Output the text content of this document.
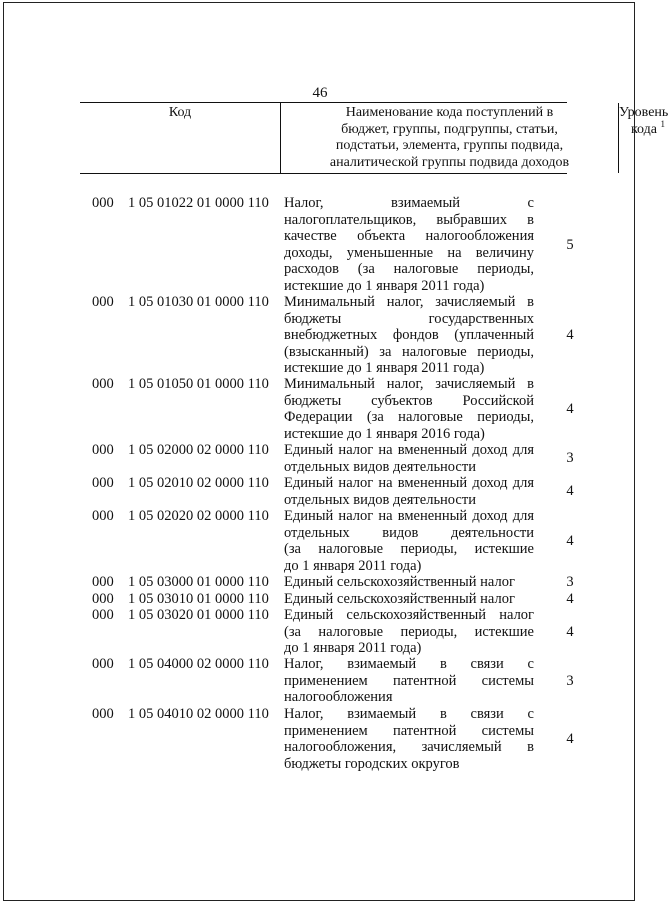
46
Код	Наименование кода поступлений в
бюджет, группы, подгруппы, статьи,
подстатьи, элемента, группы подвида,
аналитической группы подвида доходов
Уровень
кода $^1$
000 1 05 01022 01 0000 110 Налог, взимаемый с
налогоплательщиков, выбравших в
качестве объекта налогообложения
доходы, уменьшенные на величину
расходов (за налоговые периоды,
истекшие до 1 января 2011 года)
5
000 1 05 01030 01 0000 110 Минимальный налог, зачисляемый в
бюджеты государственных
внебюджетных фондов (уплаченный
(взысканный) за налоговые периоды,
истекшие до 1 января 2011 года)
4
000 1 05 01050 01 0000 110 Минимальный налог, зачисляемый в
бюджеты субъектов Российской
Федерации (за налоговые периоды,
истекшие до 1 января 2016 года)
4
000 1 05 02000 02 0000 110 Единый налог на вмененный доход для
отдельных видов деятельности
3
000 1 05 02010 02 0000 110 Единый налог на вмененный доход для
отдельных видов деятельности
4
000 1 05 02020 02 0000 110 Единый налог на вмененный доход для
отдельных видов деятельности
(за налоговые периоды, истекшие
до 1 января 2011 года)
4
000 1 05 03000 01 0000 110 Единый сельскохозяйственный налог	3
000 1 05 03010 01 0000 110 Единый сельскохозяйственный налог	4
000 1 05 03020 01 0000 110 Единый сельскохозяйственный налог
(за налоговые периоды, истекшие
до 1 января 2011 года)
4
000 1 05 04000 02 0000 110 Налог, взимаемый в связи с
применением патентной системы
налогообложения
3
000 1 05 04010 02 0000 110 Налог, взимаемый в связи с
применением патентной системы
налогообложения, зачисляемый в
бюджеты городских округов
4
